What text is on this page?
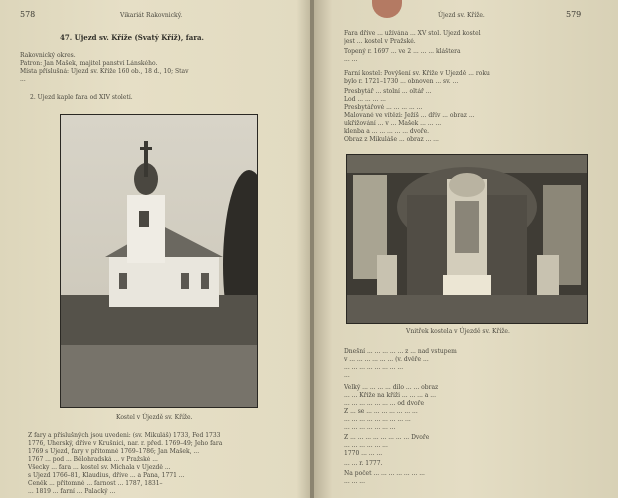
578	Vikariát Rakovnický.
47. Újezd sv. Kříže (Svatý Kříž), fara.
Rakovnický okres.
Patron: Jan Mašek, majitel panství Lánského.
Místa příslušná: Újezd sv. Kříže 160 ob., 18 d., 10; Stav
...
2. Újezd kaple fara od XIV století.
Kostel v Újezdě sv. Kříže.
Z fary a příslušných jsou uvedeni: (sv. Mikuláš) 1733, Fed 1733
1776, Úherský, dříve v Krušnici, nar. r. před. 1769–49; Jeho fara
1769 s Újezd, fary v přítomné 1769–1786; Jan Mašek, ...
1767 ... pod ... Bělohradská ... v Pražské ...
Všecky ... fara ... kostel sv. Michala v Újezdě ...
s Újezd 1766–81, Klaudius, dříve ... a Pana, 1771 ...
Čeněk ... přítomné ... farnost ... 1787, 1831–
... 1819 ... farní ... Palacký ...
Újezd sv. Kříže.	579
Fara dříve ... užívána ... XV stol. Újezd kostel
jest ... kostel v Pražské.
Topený r. 1697 ... ve 2 ... ... ... kláštera
... ...
Farní kostel: Povýšení sv. Kříže v Újezdě ... roku
bylo r. 1721–1730 ... obnoven ... sv. ...
Presbytář ... stolní ... oltář ...
Lod ... ... ... ...
Presbytářové ... ... ... ... ...
Malované ve vítězi: Ježíš ... dřív ... obraz ...
ukřižování ... v ... Mašek ... ... ...
klenba a ... ... ... ... ... dvoře.
Obraz z Mikuláše ... obraz ... ...
Vnitřek kostela v Újezdě sv. Kříže.
Dnešní ... ... ... ... ... z ... nad vstupem
v ... ... ... ... ... ... (v. dvěře ...
... ... ... ... ... ... ... ...
...
Velký ... ... ... ... dílo ... ... obraz
... ... Kříže na kříži ... ... ... a ...
... ... ... ... ... ... ... od dvoře
Z ... se ... ... ... ... ... ... ...
... ... ... ... ... ... ... ... ...
... ... ... ... ... ... ...
Z ... ... ... ... ... ... ... ... Dvoře
... ... ... ... ... ...
1770 ... ... ...
... ... r. 1777.
Na počet ... ... ... ... ... ... ...
... ... ...
